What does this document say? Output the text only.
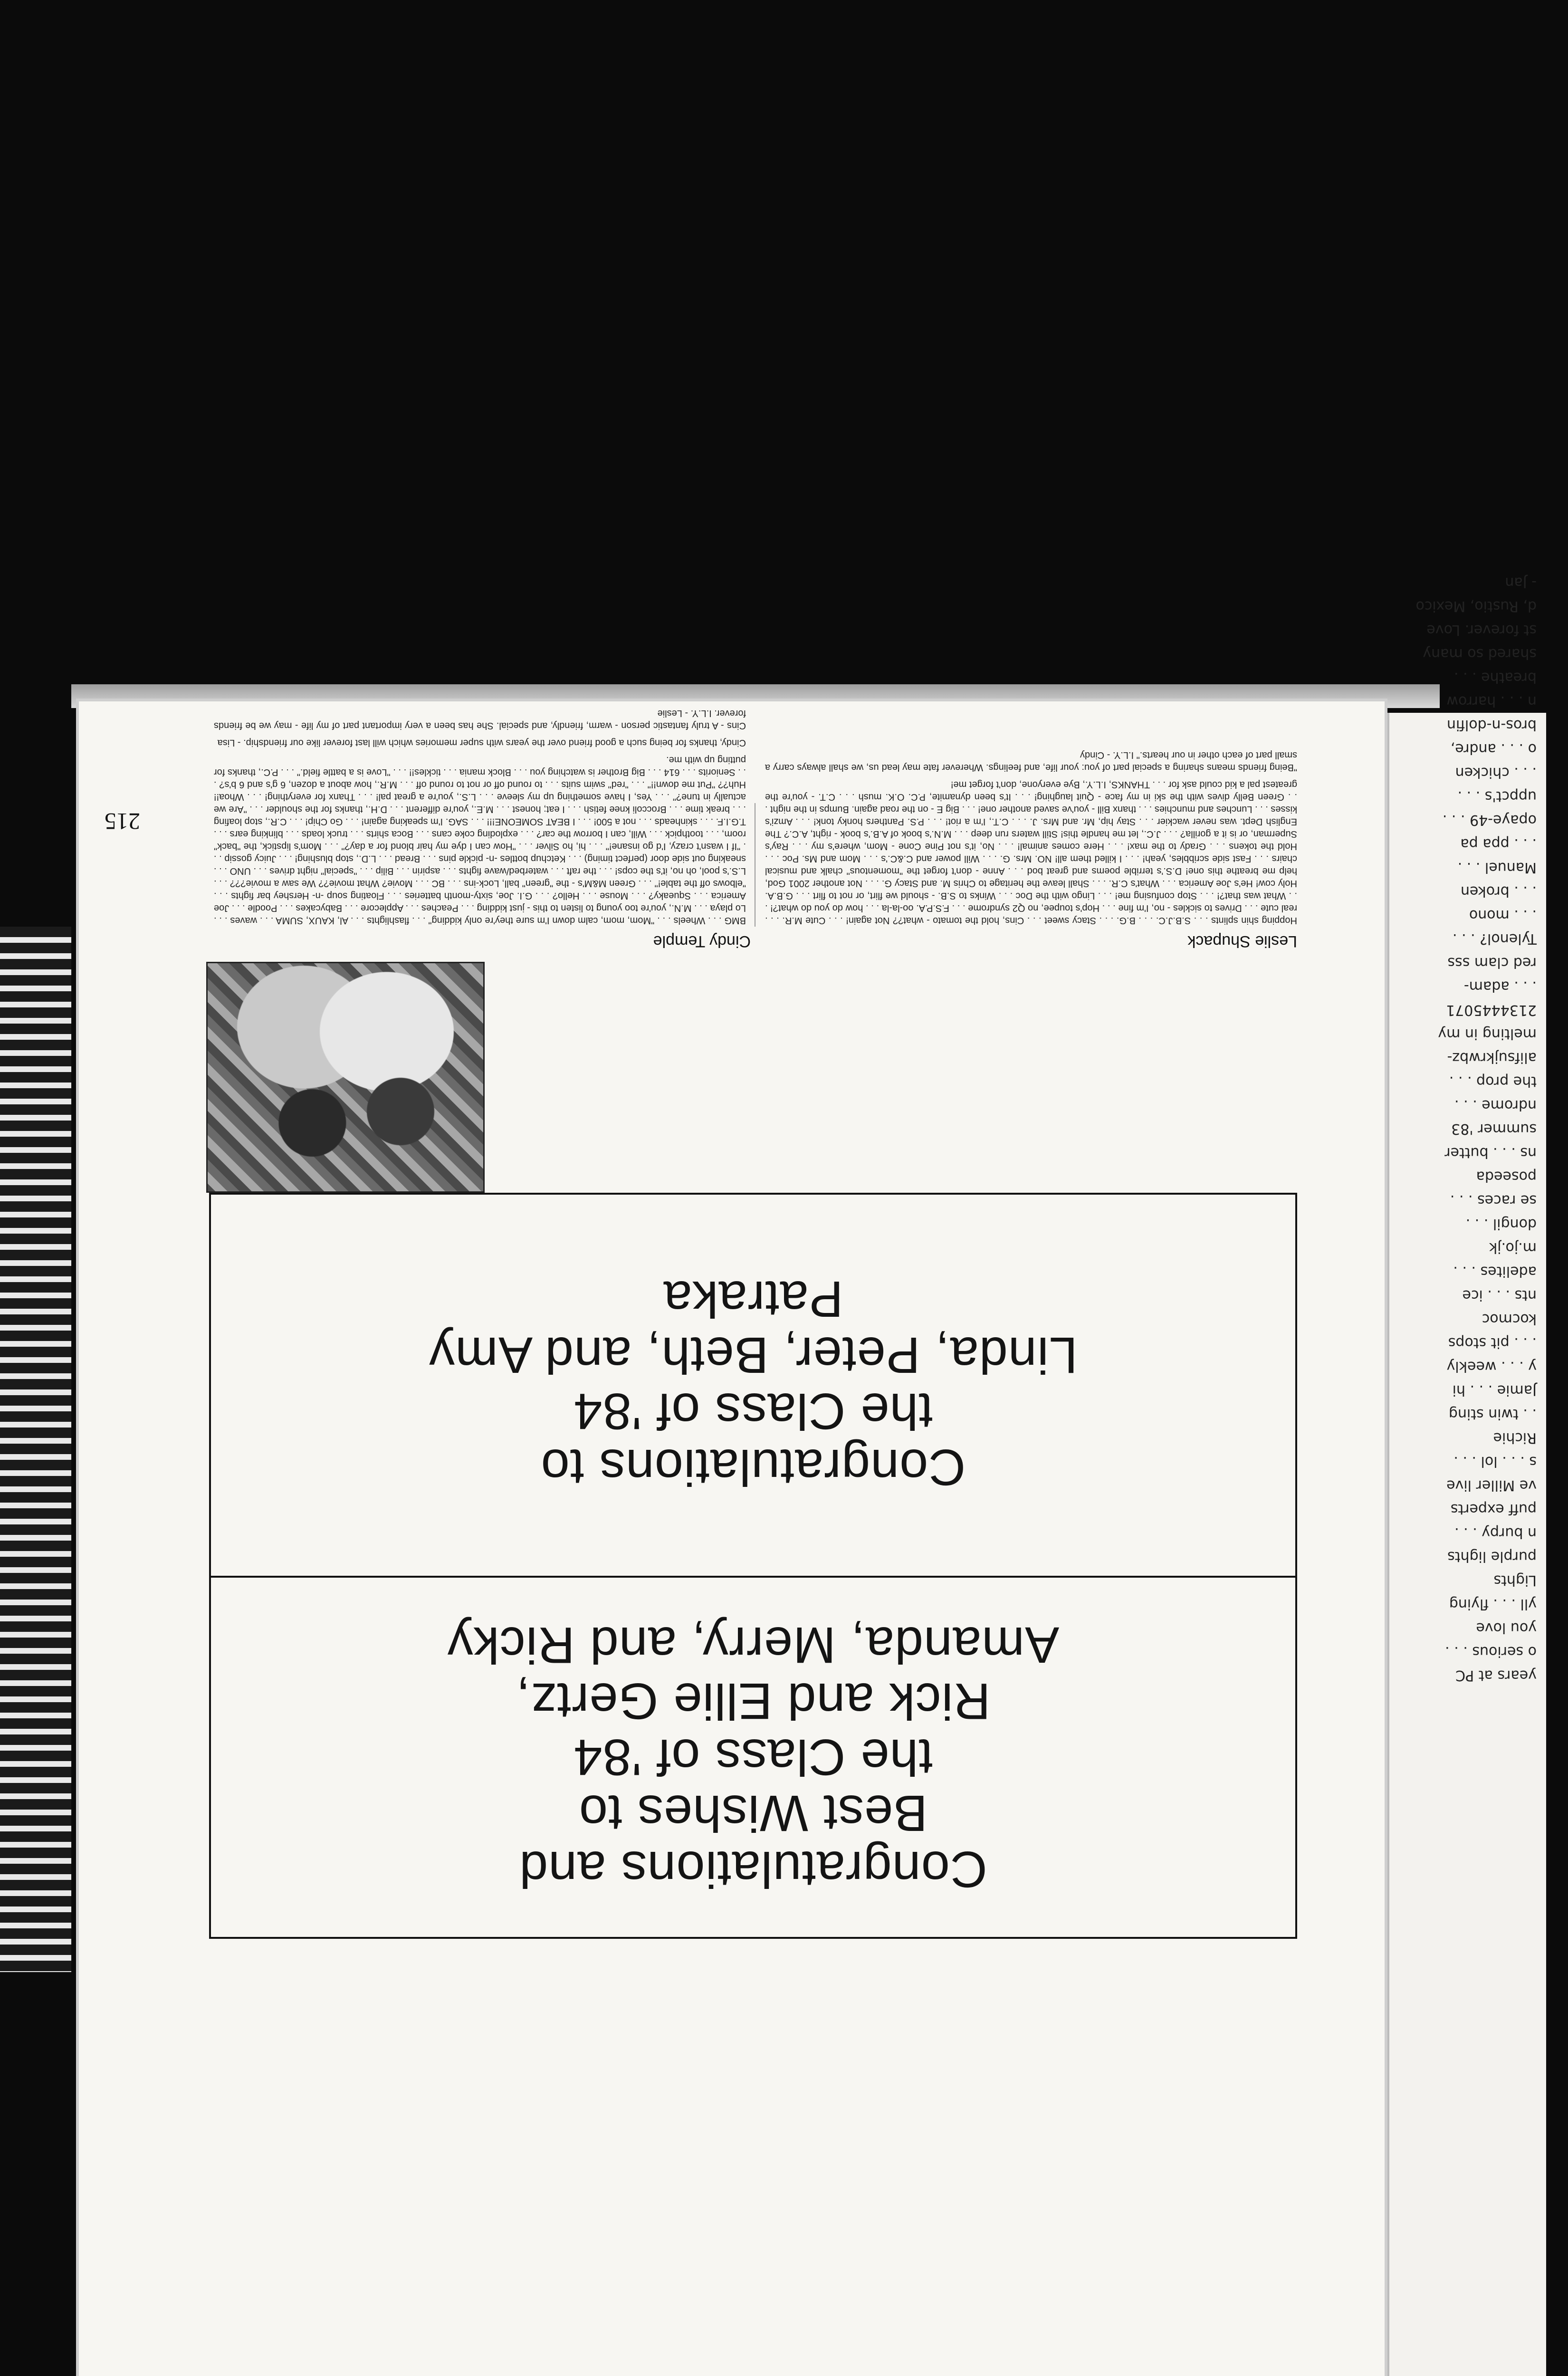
years at PC
o serious . . .
you love
yll . . . flying
Lights
purple lights
n burpy . . .
puff experts
ve Miller live
s . . . lol . . .
Richie
. . twin sting
Jamie . . . hi
y . . . weekly
. . . pit stops
kocmoc
nts . . . ice
adelites . . .
m.jo.jk
dongil . . .
se races . . .
poseeda
ns . . . butter
summer '83
ndrome . . .
the prop . . .
alifsujkrwbz-
melting in my
2134445071
. . . adam-
red clam sss
Tylenol? . . .
. . . mono
. . . broken
Manuel . . .
. . . ppa pa
opaye-49 . . .
uppct's . . .
. . . chicken
o . . . andre,
bros-n-dolfin
n . . . harrow
breathe . . .
shared so many
st forever. Love
d, Rustio, Mexico
- Jan
Congratulations and
Best Wishes to
the Class of '84
Rick and Ellie Gertz,
Amanda, Merry, and Ricky
Congratulations to
the Class of '84
Linda, Peter, Beth, and Amy
Patraka
Leslie Shupack
Cindy Temple

Hopping shin splints . . . S.B.J.C. . . . B.G. . . . Stacy sweet . . . Cins, hold the tomato - what?? Not again! . . . Cute M.R. . . . real cute . . . Drives to sickles - no, I'm fine . . . Hop's toupee, no Q2 syndrome . . . F.S.P.A. oo-la-la . . . how do you do what?! . . . What was that?! . . . Stop confusing me! . . . Lingo with the Doc . . . Winks to S.B. - should we flirt, or not to flirt . . . G.B.A. Holy cow! He's Joe America . . . What's C.R. . . . Shall leave the heritage to Chris M. and Stacy G. . . . Not another 2001 God, help me breathe this one! D.S.'s terrible poems and great bod . . . Anne - don't forget the "momentous" chalk and musical chairs . . . Fast side scribbles, yeah! . . . I killed them all! NO. Mrs. G. . . . Will power and C.&C.'s . . . Mom and Ms. Poc . . . Hold the tokens . . . Grady to the max! . . . Here comes animal! . . . No, it's not Pine Cone - Mom, where's my . . . Ray's Superman, or is it a gorilla? . . . J.C., let me handle this! Still waters run deep . . . M.N.'s book of A.B.'s book - right, A.C.? The English Dept. was never wackier . . . Stay hip, Mr. and Mrs. J. . . . C.T., I'm a riot! . . . P.S. Panthers honky tonk! . . . Amzi's kisses . . . Lunches and munchies . . . thanx Bill - you've saved another one! . . . Big E - on the road again. Bumps in the night . . . Green Belly dives with the ski in my face - Quit laughing! . . . It's been dynamite, P.C. O.K. mush . . . C.T. - you're the greatest pal a kid could ask for . . . THANKS, I.L.Y., Bye everyone, don't forget me!

"Being friends means sharing a special part of you: your life, and feelings. Wherever fate may lead us, we shall always carry a small part of each other in our hearts." I.L.Y. - Cindy

BMG . . . Wheels . . . "Mom, mom, calm down I'm sure they're only kidding" . . . flashlights . . . Al, KAUX, SUMA . . . waves . . . Lo playa . . . M.N., you're too young to listen to this - just kidding . . . Peaches . . . Applecore . . . Babycakes . . . Poodle . . . Joe America . . . Squeaky? . . . Mouse . . . Hello? . . . G.I. Joe, sixty-month batteries . . . Floating soup -n- Hershey bar fights . . . "elbows off the table!" . . . Green M&M's - the "green" ball, Lock-ins . . . BC . . . Movie? What movie?? We saw a movie??? . . . L.S.'s pool, oh no, it's the cops! . . . the raft . . . waterbed/wave fights . . . aspirin . . . Bilip . . . "special" night drives . . . UNO . . . sneaking out side door (perfect timing) . . . Ketchup bottles -n- pickle pins . . . Bread . . . L.D., stop blushing! . . . Juicy gossip . . . "If I wasn't crazy, I'd go insane!" . . . hi, ho Silver . . . "How can I dye my hair blond for a day?" . . . Mom's lipstick, the "back" room, . . . toothpick . . . Will, can I borrow the car? . . . exploding coke cans . . . Boca shirts . . . truck loads . . . blinking ears . . . T.G.I.F. . . . skinheads . . . not a 500! . . . I BEAT SOMEONE!!! . . . SAG. I'm speaking again! . . . Go Chip! . . . C.R., stop loafing . . . break time . . . Broccoli knee fetish . . . I eat; honest . . . M.E., you're different . . . D.H., thanks for the shoulder . . . "Are we actually in tune?" . . . Yes, I have something up my sleeve . . . L.S., you're a great pal! . . . Thanx for everything! . . . Whoa!! Huh?? "Put me down!!" . . . "red" swim suits . . . to round off or not to round off . . . M.R., how about a dozen, 6 g's and 6 b's? . . . Seniorits . . . 614 . . . Big Brother is watching you . . . Block mania . . . tickles!! . . . "Love is a battle field." . . . P.C., thanks for putting up with me.

Cindy, thanks for being such a good friend over the years with super memories which will last forever like our friendship. - Lisa

Cins - A truly fantastic person - warm, friendly, and special. She has been a very important part of my life - may we be friends forever. I.L.Y. - Leslie

215
